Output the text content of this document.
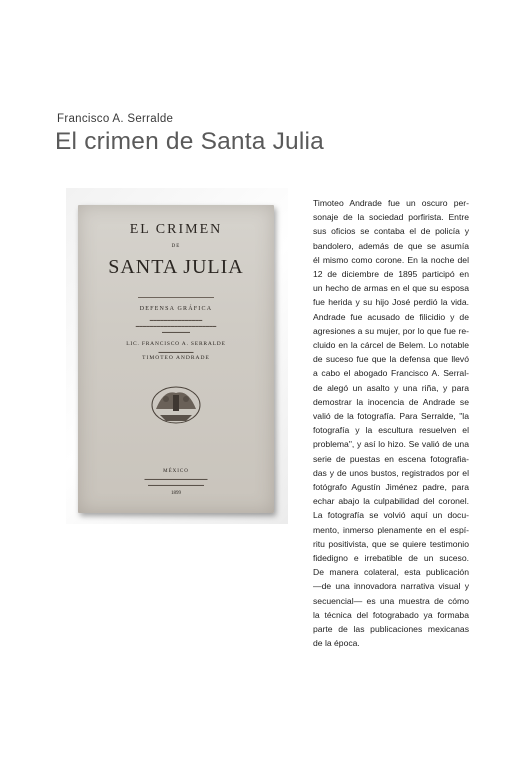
Francisco A. Serralde
El crimen de Santa Julia
EL CRIMEN
DE
SANTA JULIA
DEFENSA GRÁFICA
▬▬▬▬▬▬▬▬▬▬▬▬▬▬▬
▬▬▬▬▬▬▬▬▬▬▬▬▬▬▬▬▬▬▬▬▬▬▬
▬▬▬▬▬▬▬▬
LIC. FRANCISCO A. SERRALDE
▬▬▬▬▬▬▬▬▬▬
TIMOTEO ANDRADE
MÉXICO
▬▬▬▬▬▬▬▬▬▬▬▬▬▬▬▬▬▬
▬▬▬▬▬▬▬▬▬▬▬▬▬▬▬▬
1899
Timoteo Andrade fue un oscuro per-
sonaje de la sociedad porfirista. Entre
sus oficios se contaba el de policía y
bandolero, además de que se asumía
él mismo como corone. En la noche del
12 de diciembre de 1895 participó en
un hecho de armas en el que su esposa
fue herida y su hijo José perdió la vida.
Andrade fue acusado de filicidio y de
agresiones a su mujer, por lo que fue re-
cluido en la cárcel de Belem. Lo notable
de suceso fue que la defensa que llevó
a cabo el abogado Francisco A. Serral-
de alegó un asalto y una riña, y para
demostrar la inocencia de Andrade se
valió de la fotografía. Para Serralde, "la
fotografía y la escultura resuelven el
problema", y así lo hizo. Se valió de una
serie de puestas en escena fotografia-
das y de unos bustos, registrados por el
fotógrafo Agustín Jiménez padre, para
echar abajo la culpabilidad del coronel.
La fotografía se volvió aquí un docu-
mento, inmerso plenamente en el espí-
ritu positivista, que se quiere testimonio
fidedigno e irrebatible de un suceso.
De manera colateral, esta publicación
—de una innovadora narrativa visual y
secuencial— es una muestra de cómo
la técnica del fotograbado ya formaba
parte de las publicaciones mexicanas
de la época.
